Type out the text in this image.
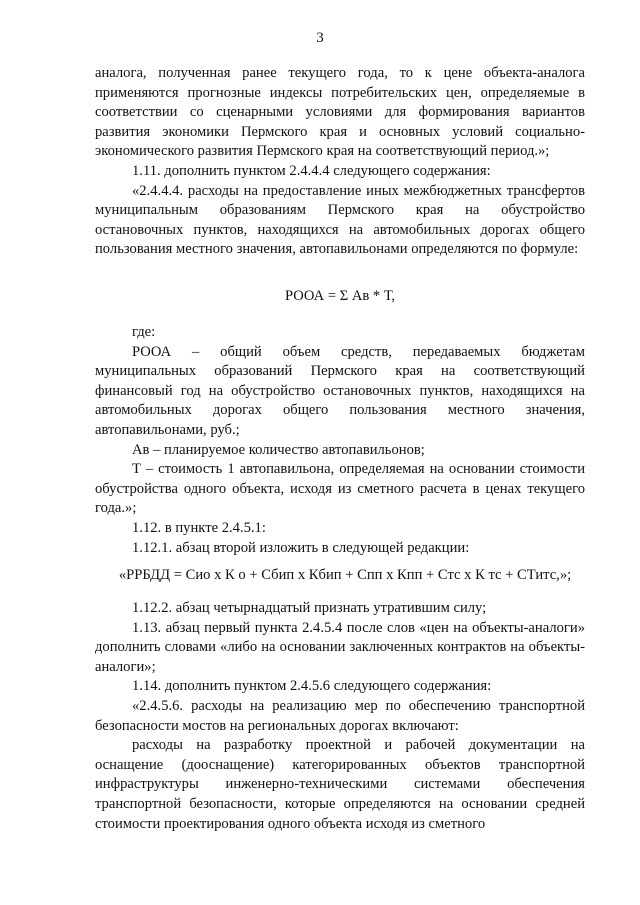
3

аналога, полученная ранее текущего года, то к цене объекта-аналога применяются прогнозные индексы потребительских цен, определяемые в соответствии со сценарными условиями для формирования вариантов развития экономики Пермского края и основных условий социально-экономического развития Пермского края на соответствующий период.»;

1.11. дополнить пунктом 2.4.4.4 следующего содержания:

«2.4.4.4. расходы на предоставление иных межбюджетных трансфертов муниципальным образованиям Пермского края на обустройство остановочных пунктов, находящихся на автомобильных дорогах общего пользования местного значения, автопавильонами определяются по формуле:

РООА = Σ Ав * Т,

где:

РООА – общий объем средств, передаваемых бюджетам муниципальных образований Пермского края на соответствующий финансовый год на обустройство остановочных пунктов, находящихся на автомобильных дорогах общего пользования местного значения, автопавильонами, руб.;

Ав – планируемое количество автопавильонов;

Т – стоимость 1 автопавильона, определяемая на основании стоимости обустройства одного объекта, исходя из сметного расчета в ценах текущего года.»;

1.12. в пункте 2.4.5.1:

1.12.1. абзац второй изложить в следующей редакции:

«РРБДД = Сио х К о + Сбип х Кбип + Спп х Кпп + Стс х К тс + СТитс,»;

1.12.2. абзац четырнадцатый признать утратившим силу;

1.13. абзац первый пункта 2.4.5.4 после слов «цен на объекты-аналоги» дополнить словами «либо на основании заключенных контрактов на объекты-аналоги»;

1.14. дополнить пунктом 2.4.5.6 следующего содержания:

«2.4.5.6. расходы на реализацию мер по обеспечению транспортной безопасности мостов на региональных дорогах включают:

расходы на разработку проектной и рабочей документации на оснащение (дооснащение) категорированных объектов транспортной инфраструктуры инженерно-техническими системами обеспечения транспортной безопасности, которые определяются на основании средней стоимости проектирования одного объекта исходя из сметного
